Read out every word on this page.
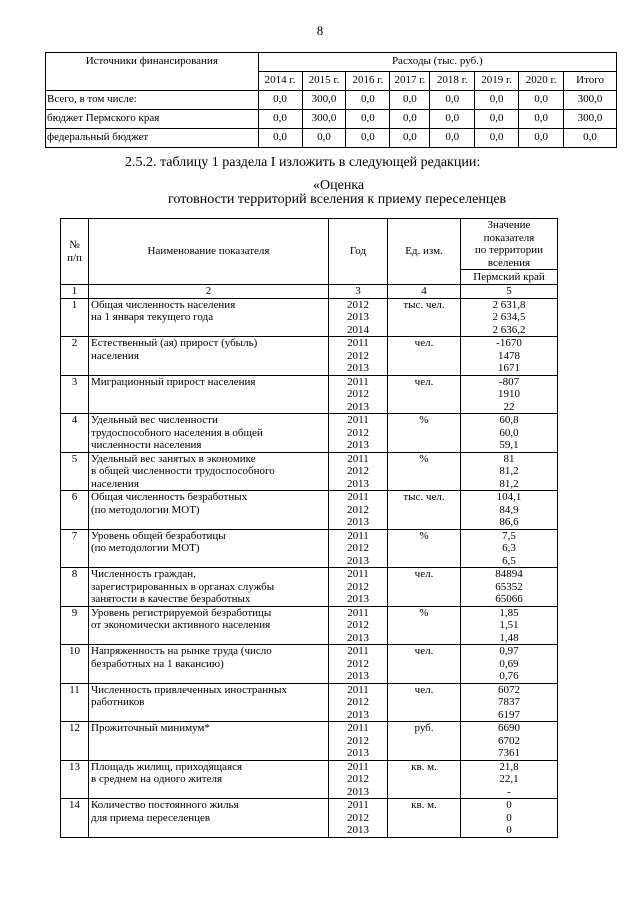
8
Источники финансирования	Расходы (тыс. руб.)							
	2014 г.	2015 г.	2016 г.	2017 г.	2018 г.	2019 г.	2020 г.	Итого
Всего, в том числе:	0,0	300,0	0,0	0,0	0,0	0,0	0,0	300,0
бюджет Пермского края	0,0	300,0	0,0	0,0	0,0	0,0	0,0	300,0
федеральный бюджет	0,0	0,0	0,0	0,0	0,0	0,0	0,0	0,0
2.5.2. таблицу 1 раздела I изложить в следующей редакции:
«Оценка
готовности территорий вселения к приему переселенцев
№
п/п	Наименование показателя	Год	Ед. изм.	Значение показателя
по территории вселения

				Пермский край
1	2	3	4	5
1	Общая численность населения
на 1 января текущего года	2012
2013
2014	тыс. чел.	2 631,8
2 634,5
2 636,2

2	Естественный (ая) прирост (убыль)
населения	2011
2012
2013	чел.	-1670
1478
1671

3	Миграционный прирост населения	2011
2012
2013	чел.	-807
1910
22

4	Удельный вес численности
трудоспособного населения в общей
численности населения	2011
2012
2013	%	60,8
60,0
59,1

5	Удельный вес занятых в экономике
в общей численности трудоспособного
населения	2011
2012
2013	%	81
81,2
81,2

6	Общая численность безработных
(по методологии МОТ)	2011
2012
2013	тыс. чел.	104,1
84,9
86,6

7	Уровень общей безработицы
(по методологии МОТ)	2011
2012
2013	%	7,5
6,3
6,5

8	Численность граждан,
зарегистрированных в органах службы
занятости в качестве безработных	2011
2012
2013	чел.	84894
65352
65066

9	Уровень регистрируемой безработицы
от экономически активного населения	2011
2012
2013	%	1,85
1,51
1,48

10	Напряженность на рынке труда (число
безработных на 1 вакансию)	2011
2012
2013	чел.	0,97
0,69
0,76

11	Численность привлеченных иностранных
работников	2011
2012
2013	чел.	6072
7837
6197

12	Прожиточный минимум*	2011
2012
2013	руб.	6690
6702
7361

13	Площадь жилищ, приходящаяся
в среднем на одного жителя	2011
2012
2013	кв. м.	21,8
22,1
-

14	Количество постоянного жилья
для приема переселенцев	2011
2012
2013	кв. м.	0
0
0
